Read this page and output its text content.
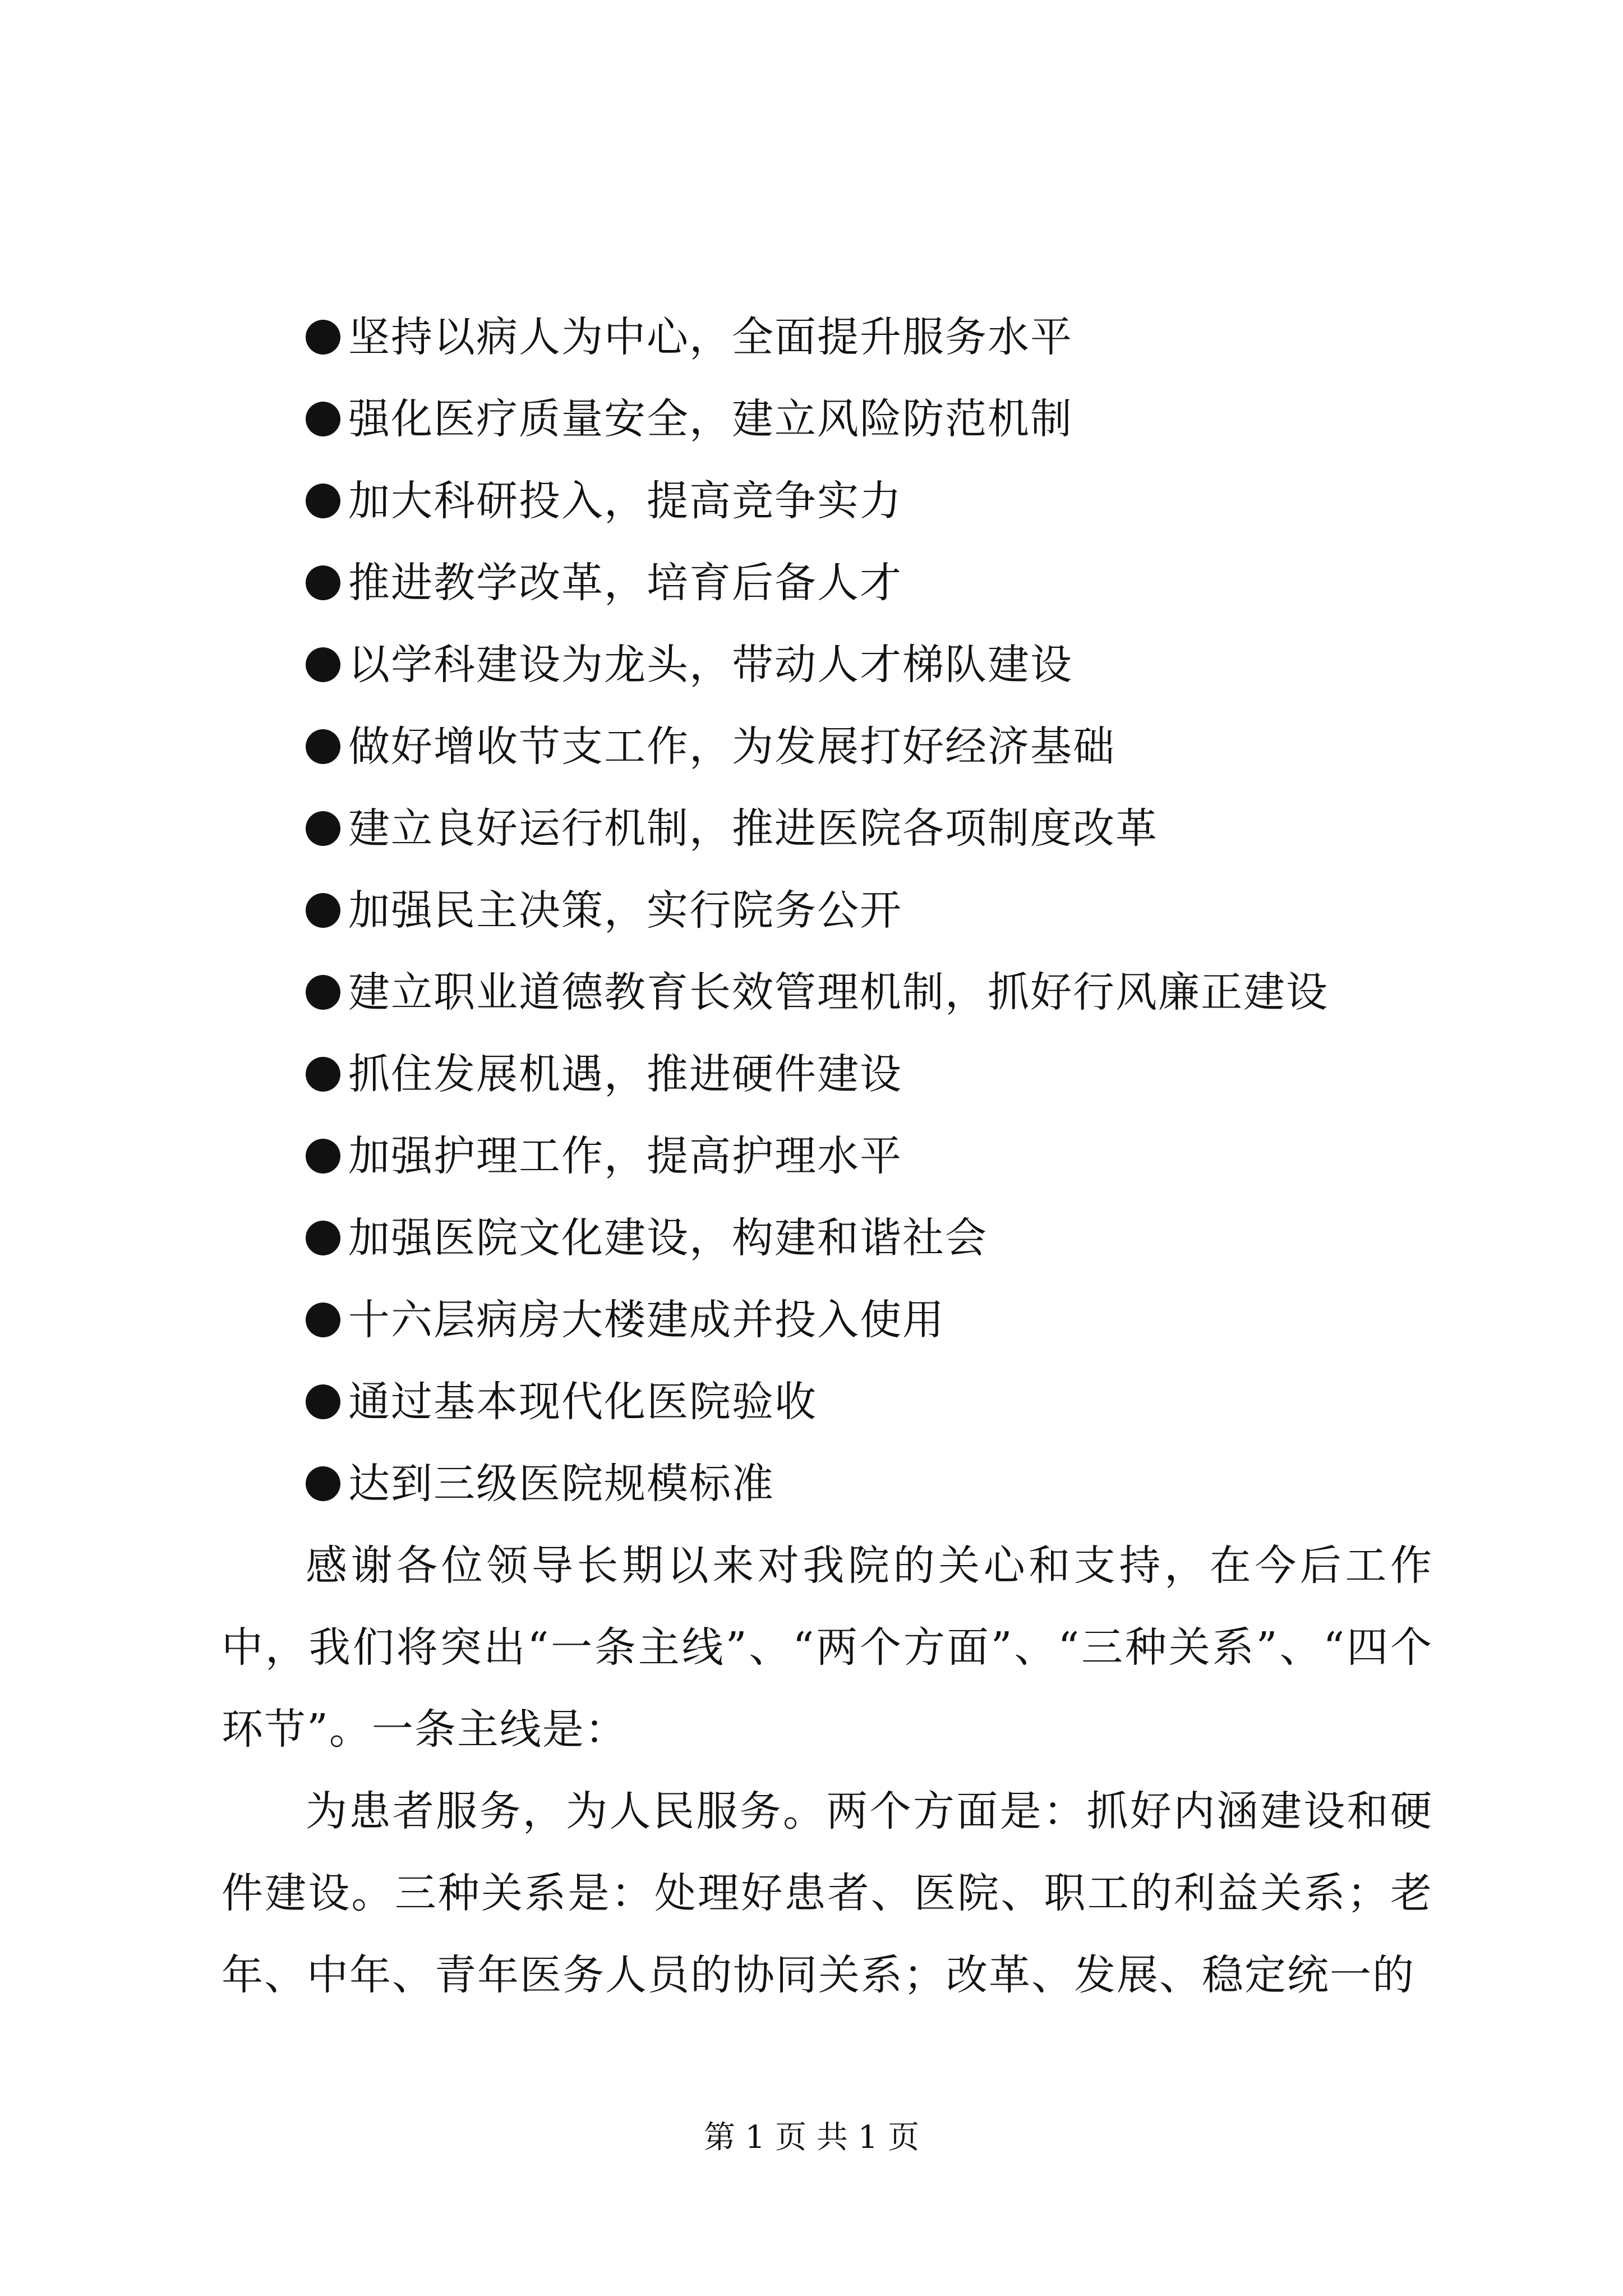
坚持以病人为中心，全面提升服务水平
强化医疗质量安全，建立风险防范机制
加大科研投入，提高竞争实力
推进教学改革，培育后备人才
以学科建设为龙头，带动人才梯队建设
做好增收节支工作，为发展打好经济基础
建立良好运行机制，推进医院各项制度改革
加强民主决策，实行院务公开
建立职业道德教育长效管理机制，抓好行风廉正建设
抓住发展机遇，推进硬件建设
加强护理工作，提高护理水平
加强医院文化建设，构建和谐社会
十六层病房大楼建成并投入使用
通过基本现代化医院验收
达到三级医院规模标准

感谢各位领导长期以来对我院的关心和支持，在今后工作中，我们将突出“一条主线”、“两个方面”、“三种关系”、“四个环节”。一条主线是：

为患者服务，为人民服务。两个方面是：抓好内涵建设和硬件建设。三种关系是：处理好患者、医院、职工的利益关系；老年、中年、青年医务人员的协同关系；改革、发展、稳定统一的

第 1 页 共 1 页
